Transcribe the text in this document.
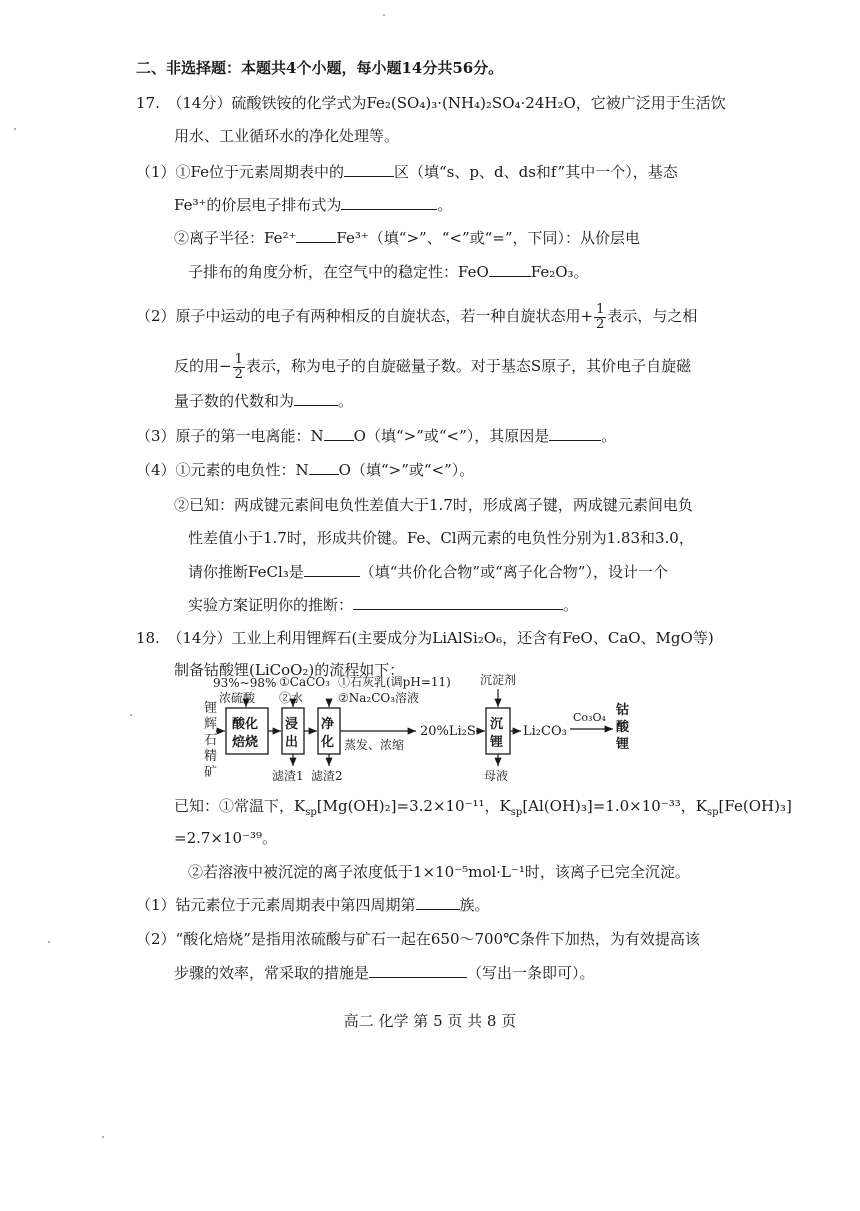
二、非选择题：本题共4个小题，每小题14分共56分。
17.　（14分）硫酸铁铵的化学式为Fe₂(SO₄)₃·(NH₄)₂SO₄·24H₂O，它被广泛用于生活饮
用水、工业循环水的净化处理等。
（1）①Fe位于元素周期表中的	区（填“s、p、d、ds和f”其中一个），基态
Fe³⁺的价层电子排布式为	。
②离子半径：Fe²⁺	Fe³⁺（填“>”、“<”或“=”，下同）：从价层电
子排布的角度分析，在空气中的稳定性：FeO	Fe₂O₃。
（2）原子中运动的电子有两种相反的自旋状态，若一种自旋状态用+ $\frac{1}{2}$ 表示，与之相
反的用− $\frac{1}{2}$ 表示，称为电子的自旋磁量子数。对于基态S原子，其价电子自旋磁
量子数的代数和为	。
（3）原子的第一电离能：N O（填“>”或“<”），其原因是	。
（4）①元素的电负性：N O（填“>”或“<”）。
②已知：两成键元素间电负性差值大于1.7时，形成离子键，两成键元素间电负
性差值小于1.7时，形成共价键。Fe、Cl两元素的电负性分别为1.83和3.0，
请你推断FeCl₃是	（填“共价化合物”或“离子化合物”），设计一个
实验方案证明你的推断：	。
18.　（14分）工业上利用锂辉石(主要成分为LiAlSi₂O₆，还含有FeO、CaO、MgO等)
制备钴酸锂(LiCoO₂)的流程如下：
锂
辉
石
精
矿
93%~98%
浓硫酸
酸化
焙烧
①CaCO₃
②水
浸
出
①石灰乳(调pH=11)
②Na₂CO₃溶液
净
化 蒸发、浓缩
20%Li₂S
沉淀剂
沉
锂
Li₂CO₃
Co₃O₄ 钴
酸
锂
滤渣1 滤渣2	母液
已知：①常温下，$K_{sp}[Mg(OH)_2]=3.2\times 10^{-11}$，$K_{sp}[Al(OH)_3]=1.0\times 10^{-33}$，$K_{sp}[Fe(OH)_3]$
=2.7×10⁻³⁹。
②若溶液中被沉淀的离子浓度低于1×10⁻⁵mol·L⁻¹时，该离子已完全沉淀。
（1）钴元素位于元素周期表中第四周期第	族。
（2）“酸化焙烧”是指用浓硫酸与矿石一起在650～700℃条件下加热，为有效提高该
步骤的效率，常采取的措施是	（写出一条即可）。
高二 化学 第 5 页 共 8 页
